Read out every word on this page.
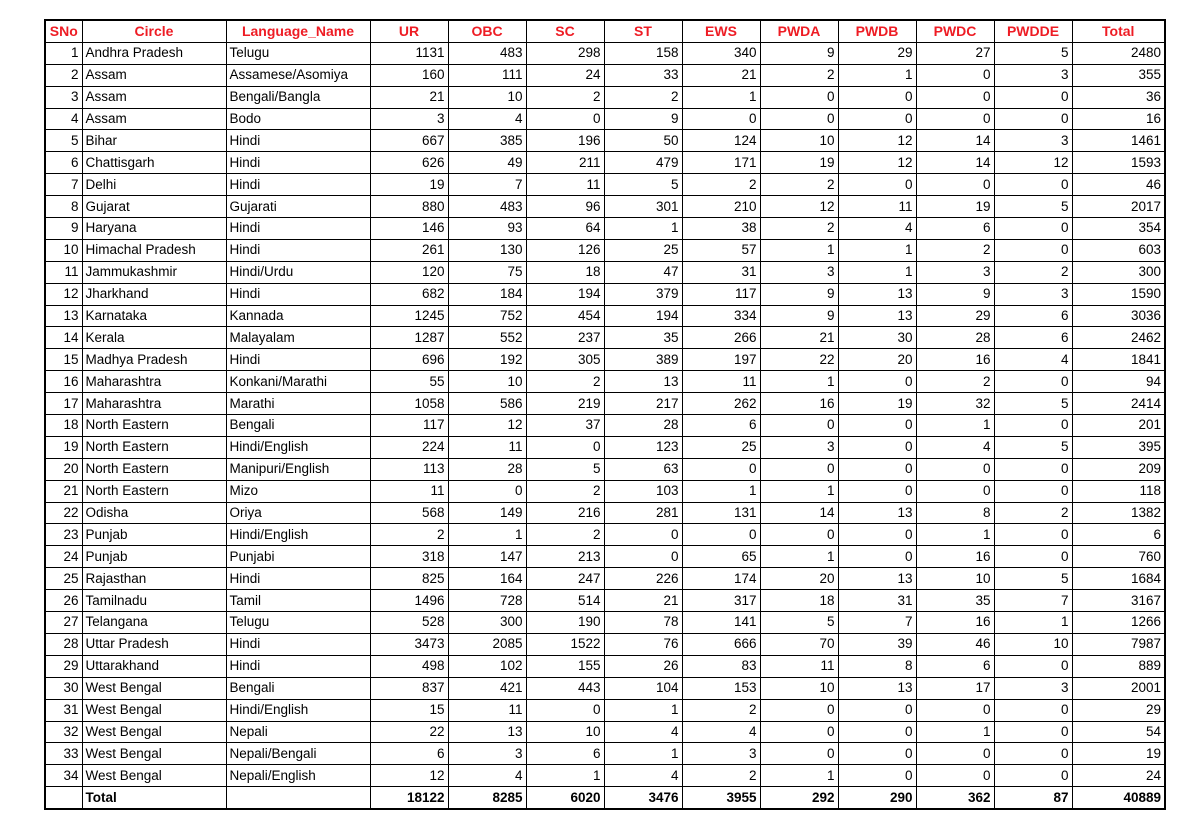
SNo	Circle	Language_Name	UR	OBC	SC	ST	EWS	PWDA	PWDB	PWDC	PWDDE	Total
1	Andhra Pradesh	Telugu	1131	483	298	158	340	9	29	27	5	2480
2	Assam	Assamese/Asomiya	160	111	24	33	21	2	1	0	3	355
3	Assam	Bengali/Bangla	21	10	2	2	1	0	0	0	0	36
4	Assam	Bodo	3	4	0	9	0	0	0	0	0	16
5	Bihar	Hindi	667	385	196	50	124	10	12	14	3	1461
6	Chattisgarh	Hindi	626	49	211	479	171	19	12	14	12	1593
7	Delhi	Hindi	19	7	11	5	2	2	0	0	0	46
8	Gujarat	Gujarati	880	483	96	301	210	12	11	19	5	2017
9	Haryana	Hindi	146	93	64	1	38	2	4	6	0	354
10	Himachal Pradesh	Hindi	261	130	126	25	57	1	1	2	0	603
11	Jammukashmir	Hindi/Urdu	120	75	18	47	31	3	1	3	2	300
12	Jharkhand	Hindi	682	184	194	379	117	9	13	9	3	1590
13	Karnataka	Kannada	1245	752	454	194	334	9	13	29	6	3036
14	Kerala	Malayalam	1287	552	237	35	266	21	30	28	6	2462
15	Madhya Pradesh	Hindi	696	192	305	389	197	22	20	16	4	1841
16	Maharashtra	Konkani/Marathi	55	10	2	13	11	1	0	2	0	94
17	Maharashtra	Marathi	1058	586	219	217	262	16	19	32	5	2414
18	North Eastern	Bengali	117	12	37	28	6	0	0	1	0	201
19	North Eastern	Hindi/English	224	11	0	123	25	3	0	4	5	395
20	North Eastern	Manipuri/English	113	28	5	63	0	0	0	0	0	209
21	North Eastern	Mizo	11	0	2	103	1	1	0	0	0	118
22	Odisha	Oriya	568	149	216	281	131	14	13	8	2	1382
23	Punjab	Hindi/English	2	1	2	0	0	0	0	1	0	6
24	Punjab	Punjabi	318	147	213	0	65	1	0	16	0	760
25	Rajasthan	Hindi	825	164	247	226	174	20	13	10	5	1684
26	Tamilnadu	Tamil	1496	728	514	21	317	18	31	35	7	3167
27	Telangana	Telugu	528	300	190	78	141	5	7	16	1	1266
28	Uttar Pradesh	Hindi	3473	2085	1522	76	666	70	39	46	10	7987
29	Uttarakhand	Hindi	498	102	155	26	83	11	8	6	0	889
30	West Bengal	Bengali	837	421	443	104	153	10	13	17	3	2001
31	West Bengal	Hindi/English	15	11	0	1	2	0	0	0	0	29
32	West Bengal	Nepali	22	13	10	4	4	0	0	1	0	54
33	West Bengal	Nepali/Bengali	6	3	6	1	3	0	0	0	0	19
34	West Bengal	Nepali/English	12	4	1	4	2	1	0	0	0	24
	Total		18122	8285	6020	3476	3955	292	290	362	87	40889
